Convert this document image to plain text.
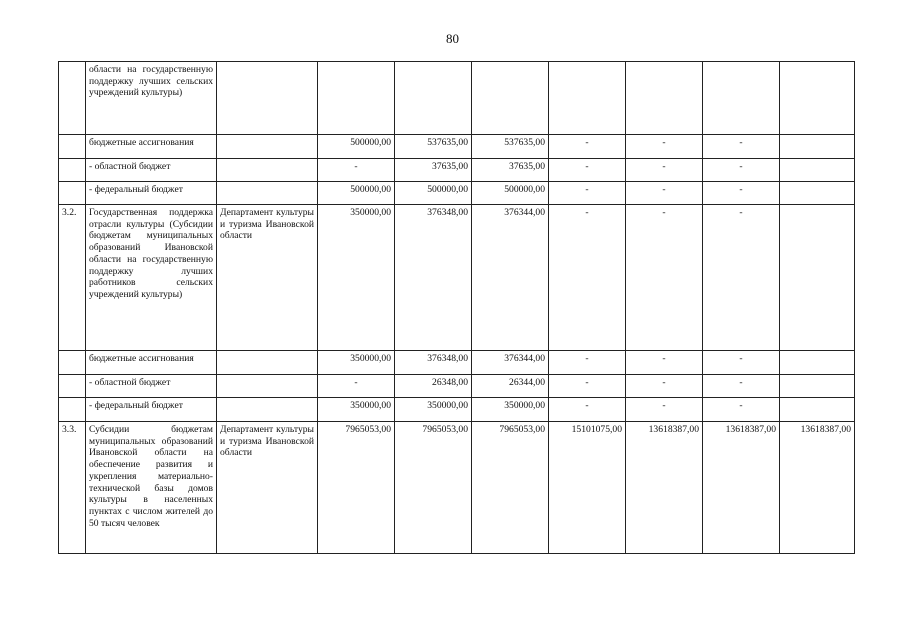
80
	области на государственную поддержку лучших сельских учреждений культуры)								
	бюджетные ассигнования		500000,00	537635,00	537635,00	-	-	-	
	- областной бюджет		-	37635,00	37635,00	-	-	-	
	- федеральный бюджет		500000,00	500000,00	500000,00	-	-	-	
3.2.	Государственная поддержка отрасли культуры (Субсидии бюджетам муниципальных образований Ивановской области на государственную поддержку лучших работников сельских учреждений культуры)	Департамент культуры и туризма Ивановской области	350000,00	376348,00	376344,00	-	-	-	
	бюджетные ассигнования		350000,00	376348,00	376344,00	-	-	-	
	- областной бюджет		-	26348,00	26344,00	-	-	-	
	- федеральный бюджет		350000,00	350000,00	350000,00	-	-	-	
3.3.	Субсидии бюджетам муниципальных образований Ивановской области на обеспечение развития и укрепления материально-технической базы домов культуры в населенных пунктах с числом жителей до 50 тысяч человек	Департамент культуры и туризма Ивановской области	7965053,00	7965053,00	7965053,00	15101075,00	13618387,00	13618387,00	13618387,00
